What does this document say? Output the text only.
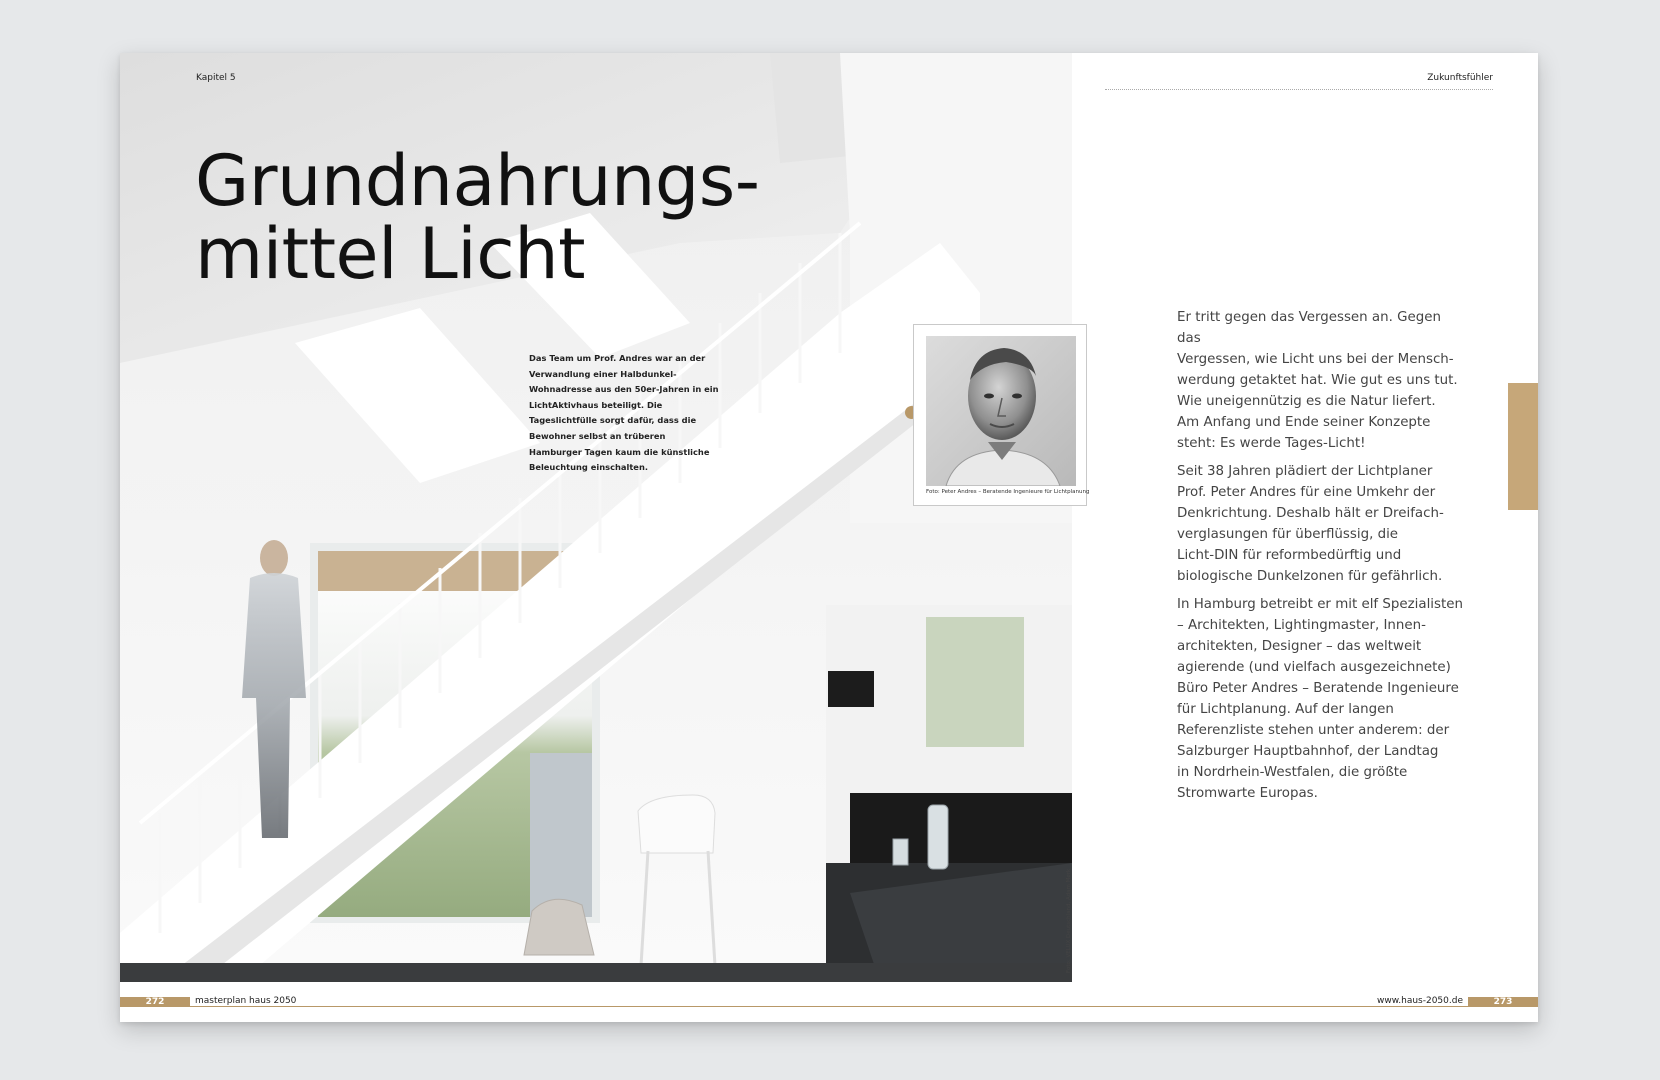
Kapitel 5
Grundnahrungs-
mittel Licht
Das Team um Prof. Andres war an der Verwandlung einer Halbdunkel-Wohnadresse aus den 50er-Jahren in ein LichtAktivhaus beteiligt. Die Tageslichtfülle sorgt dafür, dass die Bewohner selbst an trüberen Hamburger Tagen kaum die künstliche Beleuchtung einschalten.
Foto: VELUX Deutschland, Adam Mørk
Foto: Peter Andres – Beratende Ingenieure für Lichtplanung
Zukunftsfühler

Er tritt gegen das Vergessen an. Gegen das
Vergessen, wie Licht uns bei der Mensch-
werdung getaktet hat. Wie gut es uns tut.
Wie uneigennützig es die Natur liefert.
Am Anfang und Ende seiner Konzepte
steht: Es werde Tages-Licht!

Seit 38 Jahren plädiert der Lichtplaner
Prof. Peter Andres für eine Umkehr der
Denkrichtung. Deshalb hält er Dreifach-
verglasungen für überflüssig, die
Licht-DIN für reformbedürftig und
biologische Dunkelzonen für gefährlich.

In Hamburg betreibt er mit elf Spezialisten
– Architekten, Lightingmaster, Innen-
architekten, Designer – das weltweit
agierende (und vielfach ausgezeichnete)
Büro Peter Andres – Beratende Ingenieure
für Lichtplanung. Auf der langen
Referenzliste stehen unter anderem: der
Salzburger Hauptbahnhof, der Landtag
in Nordrhein-Westfalen, die größte
Stromwarte Europas.

272	masterplan haus 2050	www.haus-2050.de	273
